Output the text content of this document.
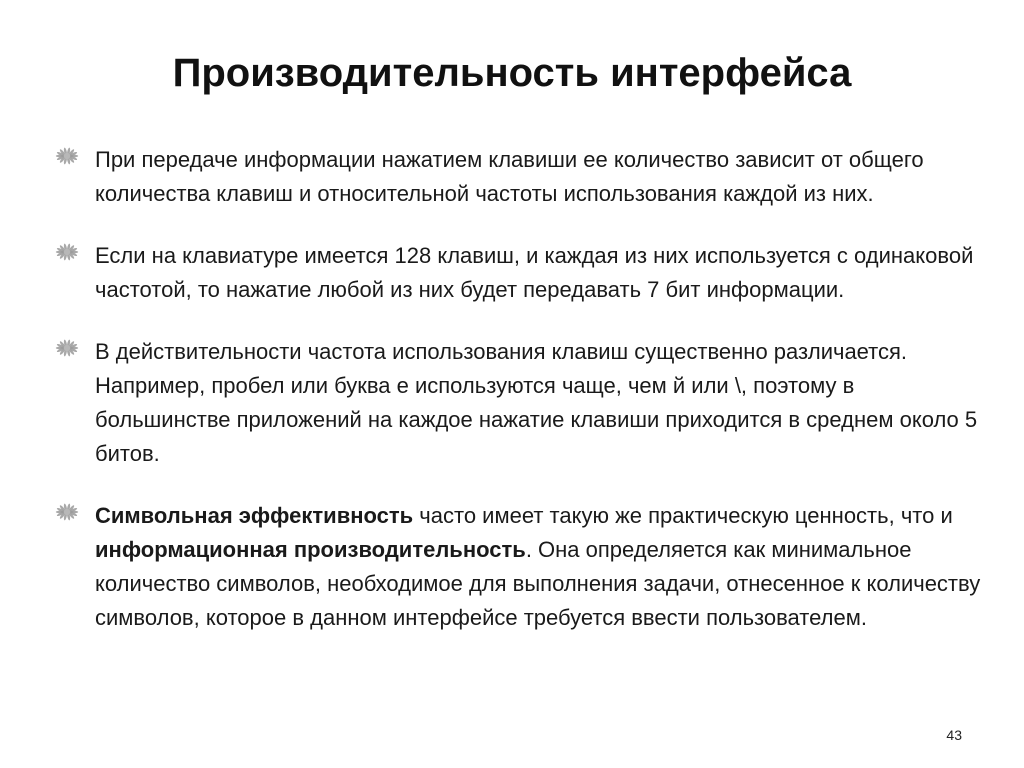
Производительность интерфейса
При передаче информации нажатием клавиши ее количество зависит от общего количества клавиш и относительной частоты использования каждой из них.
Если на клавиатуре имеется 128 клавиш, и каждая из них используется с одинаковой частотой, то нажатие любой из них будет передавать 7 бит информации.
В действительности частота использования клавиш существенно различается. Например, пробел или буква е используются чаще, чем й или \, поэтому в большинстве приложений на каждое нажатие клавиши приходится в среднем около 5 битов.
Символьная эффективность часто имеет такую же практическую ценность, что и информационная производительность. Она определяется как минимальное количество символов, необходимое для выполнения задачи, отнесенное к количеству символов, которое в данном интерфейсе требуется ввести пользователем.
43
